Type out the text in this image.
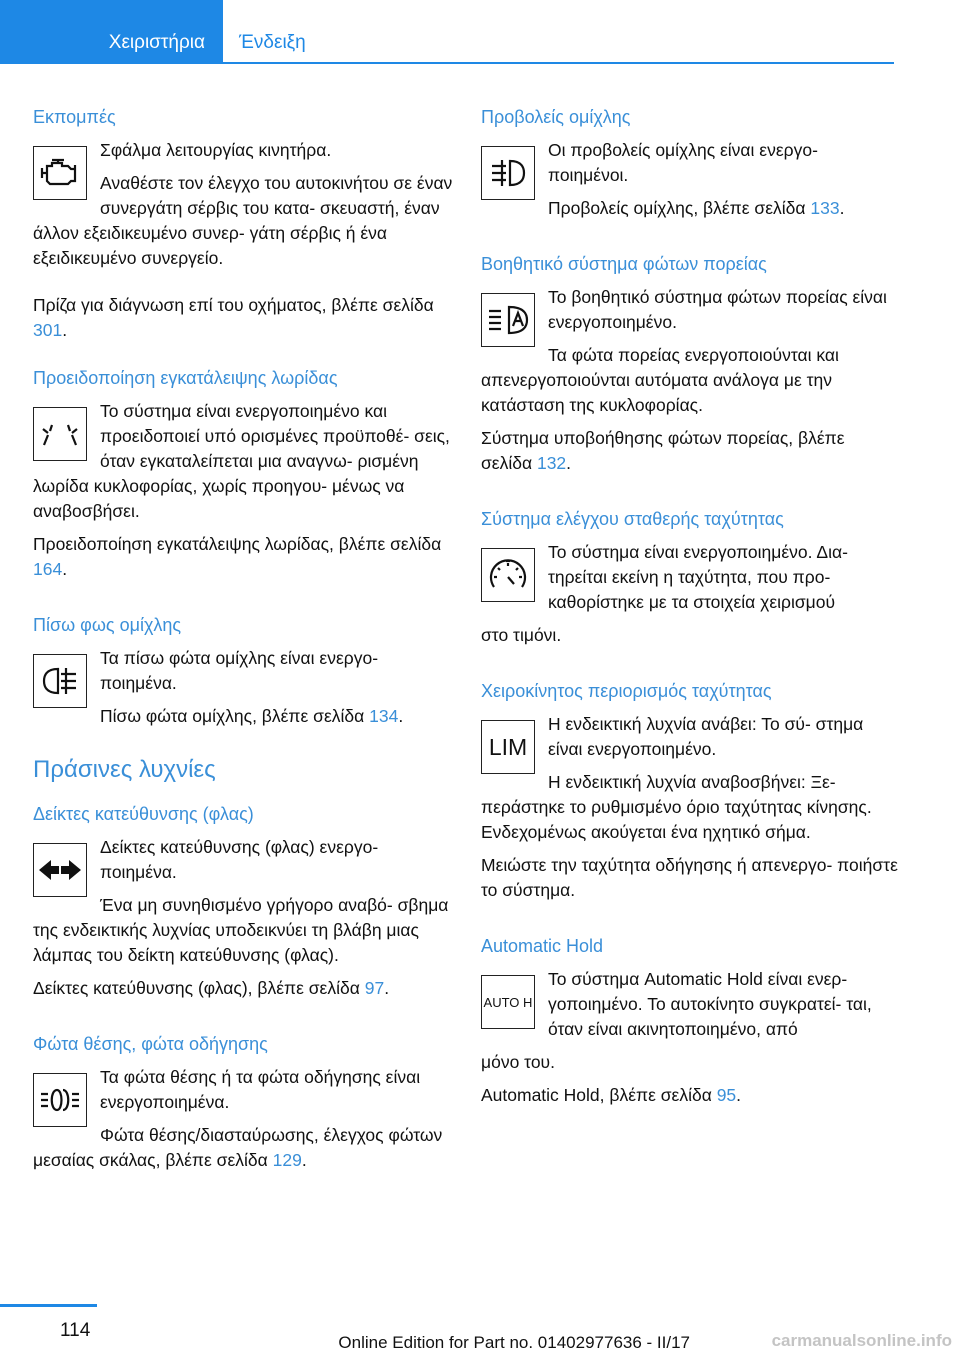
Χειριστήρια Ένδειξη
Εκπομπές

Σφάλμα λειτουργίας κινητήρα.

Αναθέστε τον έλεγχο του αυτοκινήτου σε έναν συνεργάτη σέρβις του κατα‐ σκευαστή, έναν άλλον εξειδικευμένο συνερ‐ γάτη σέρβις ή ένα εξειδικευμένο συνεργείο.

Πρίζα για διάγνωση επί του οχήματος, βλέπε σελίδα 301.

Προειδοποίηση εγκατάλειψης λωρίδας

Το σύστημα είναι ενεργοποιημένο και προειδοποιεί υπό ορισμένες προϋποθέ‐ σεις, όταν εγκαταλείπεται μια αναγνω‐ ρισμένη λωρίδα κυκλοφορίας, χωρίς προηγου‐ μένως να αναβοσβήσει.

Προειδοποίηση εγκατάλειψης λωρίδας, βλέπε σελίδα 164.

Πίσω φως ομίχλης

Τα πίσω φώτα ομίχλης είναι ενεργο‐ ποιημένα.

Πίσω φώτα ομίχλης, βλέπε σελίδα 134.

Πράσινες λυχνίες
Δείκτες κατεύθυνσης (φλας)

Δείκτες κατεύθυνσης (φλας) ενεργο‐ ποιημένα.

Ένα μη συνηθισμένο γρήγορο αναβό‐ σβημα της ενδεικτικής λυχνίας υποδεικνύει τη βλάβη μιας λάμπας του δείκτη κατεύθυνσης (φλας).

Δείκτες κατεύθυνσης (φλας), βλέπε σελίδα 97.

Φώτα θέσης, φώτα οδήγησης

Τα φώτα θέσης ή τα φώτα οδήγησης είναι ενεργοποιημένα.

Φώτα θέσης/διασταύρωσης, έλεγχος φώτων μεσαίας σκάλας, βλέπε σελίδα 129.

Προβολείς ομίχλης

Οι προβολείς ομίχλης είναι ενεργο‐ ποιημένοι.

Προβολείς ομίχλης, βλέπε σελίδα 133.

Βοηθητικό σύστημα φώτων πορείας

Το βοηθητικό σύστημα φώτων πορείας είναι ενεργοποιημένο.

Τα φώτα πορείας ενεργοποιούνται και απενεργοποιούνται αυτόματα ανάλογα με την κατάσταση της κυκλοφορίας.

Σύστημα υποβοήθησης φώτων πορείας, βλέπε σελίδα 132.

Σύστημα ελέγχου σταθερής ταχύτητας

Το σύστημα είναι ενεργοποιημένο. Δια‐ τηρείται εκείνη η ταχύτητα, που προ‐ καθορίστηκε με τα στοιχεία χειρισμού

στο τιμόνι.

Χειροκίνητος περιορισμός ταχύτητας
LIM

Η ενδεικτική λυχνία ανάβει: Το σύ‐ στημα είναι ενεργοποιημένο.

Η ενδεικτική λυχνία αναβοσβήνει: Ξε‐ περάστηκε το ρυθμισμένο όριο ταχύτητας κίνησης. Ενδεχομένως ακούγεται ένα ηχητικό σήμα.

Μειώστε την ταχύτητα οδήγησης ή απενεργο‐ ποιήστε το σύστημα.

Automatic Hold
AUTO H

Το σύστημα Automatic Hold είναι ενερ‐ γοποιημένο. Το αυτοκίνητο συγκρατεί‐ ται, όταν είναι ακινητοποιημένο, από

μόνο του.

Automatic Hold, βλέπε σελίδα 95.

114
Online Edition for Part no. 01402977636 - II/17	carmanualsonline.info
